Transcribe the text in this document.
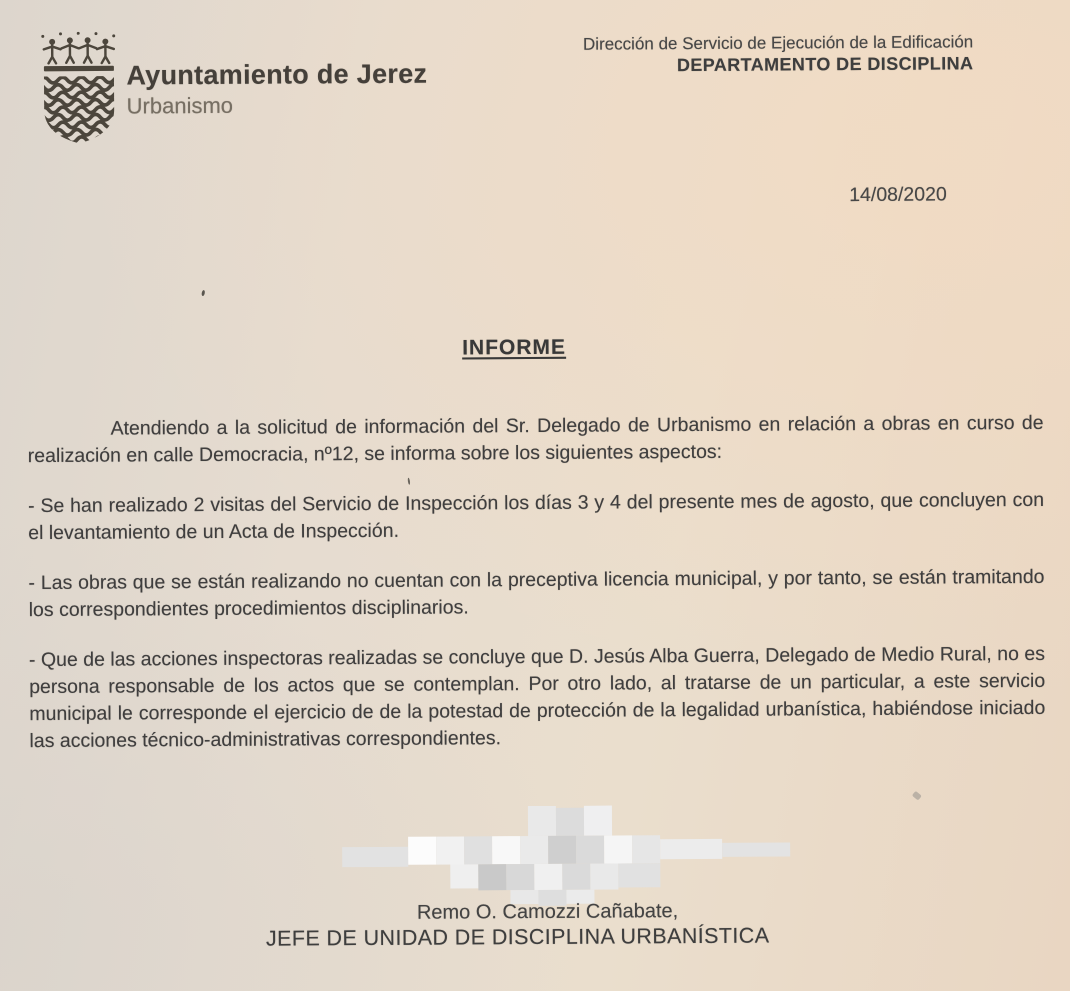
Ayuntamiento de Jerez
Urbanismo
Dirección de Servicio de Ejecución de la Edificación
DEPARTAMENTO DE DISCIPLINA
14/08/2020
INFORME

Atendiendo a la solicitud de información del Sr. Delegado de Urbanismo en relación a obras en curso de realización en calle Democracia, nº12, se informa sobre los siguientes aspectos:

- Se han realizado 2 visitas del Servicio de Inspección los días 3 y 4 del presente mes de agosto, que concluyen con el levantamiento de un Acta de Inspección.

- Las obras que se están realizando no cuentan con la preceptiva licencia municipal, y por tanto, se están tramitando los correspondientes procedimientos disciplinarios.

- Que de las acciones inspectoras realizadas se concluye que D. Jesús Alba Guerra, Delegado de Medio Rural, no es persona responsable de los actos que se contemplan. Por otro lado, al tratarse de un particular, a este servicio municipal le corresponde el ejercicio de de la potestad de protección de la legalidad urbanística, habiéndose iniciado las acciones técnico-administrativas correspondientes.

Remo O. Camozzi Cañabate,
JEFE DE UNIDAD DE DISCIPLINA URBANÍSTICA
